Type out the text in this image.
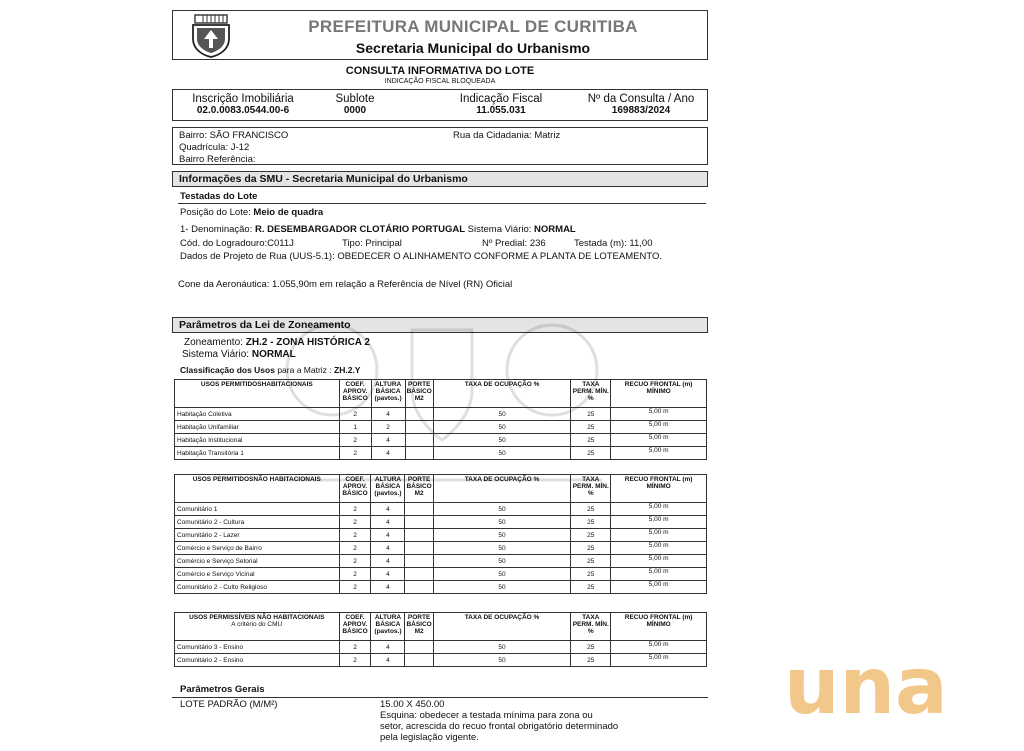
PREFEITURA MUNICIPAL DE CURITIBA
Secretaria Municipal do Urbanismo
CONSULTA INFORMATIVA DO LOTE
INDICAÇÃO FISCAL BLOQUEADA
Inscrição Imobiliária
02.0.0083.0544.00-6
Sublote
0000
Indicação Fiscal
11.055.031
Nº da Consulta / Ano
169883/2024
Bairro: SÃO FRANCISCO	Rua da Cidadania: Matriz
Quadrícula: J-12
Bairro Referência:
Informações da SMU - Secretaria Municipal do Urbanismo
Testadas do Lote
Posição do Lote: Meio de quadra
1- Denominação: R. DESEMBARGADOR CLOTÁRIO PORTUGAL Sistema Viário: NORMAL
Cód. do Logradouro:C011J	Tipo: Principal	Nº Predial: 236	Testada (m): 11,00
Dados de Projeto de Rua (UUS-5.1): OBEDECER O ALINHAMENTO CONFORME A PLANTA DE LOTEAMENTO.
Cone da Aeronáutica: 1.055,90m em relação a Referência de Nível (RN) Oficial
Parâmetros da Lei de Zoneamento
Zoneamento: ZH.2 - ZONA HISTÓRICA 2
Sistema Viário: NORMAL
Classificação dos Usos para a Matriz : ZH.2.Y
USOS PERMITIDOSHABITACIONAIS	COEF. APROV. BÁSICO	ALTURA BÁSICA (pavtos.)	PORTE BÁSICO M2	TAXA DE OCUPAÇÃO %	TAXA PERM. MÍN. %	RECUO FRONTAL (m) MÍNIMO
Habitação Coletiva	2	4		50	25	5,00 m
Habitação Unifamiliar	1	2		50	25	5,00 m
Habitação Institucional	2	4		50	25	5,00 m
Habitação Transitória 1	2	4		50	25	5,00 m
USOS PERMITIDOSNÃO HABITACIONAIS	COEF. APROV. BÁSICO	ALTURA BÁSICA (pavtos.)	PORTE BÁSICO M2	TAXA DE OCUPAÇÃO %	TAXA PERM. MÍN. %	RECUO FRONTAL (m) MÍNIMO
Comunitário 1	2	4		50	25	5,00 m
Comunitário 2 - Cultura	2	4		50	25	5,00 m
Comunitário 2 - Lazer	2	4		50	25	5,00 m
Comércio e Serviço de Bairro	2	4		50	25	5,00 m
Comércio e Serviço Setorial	2	4		50	25	5,00 m
Comércio e Serviço Vicinal	2	4		50	25	5,00 m
Comunitário 2 - Culto Religioso	2	4		50	25	5,00 m
USOS PERMISSÍVEIS NÃO HABITACIONAIS
A critério do CMU	COEF. APROV. BÁSICO	ALTURA BÁSICA (pavtos.)	PORTE BÁSICO M2	TAXA DE OCUPAÇÃO %	TAXA PERM. MÍN. %	RECUO FRONTAL (m) MÍNIMO
Comunitário 3 - Ensino	2	4		50	25	5,00 m
Comunitário 2 - Ensino	2	4		50	25	5,00 m
Parâmetros Gerais
LOTE PADRÃO (M/M²)	15.00 X 450.00
Esquina: obedecer a testada mínima para zona ou
setor, acrescida do recuo frontal obrigatório determinado
pela legislação vigente.
una
